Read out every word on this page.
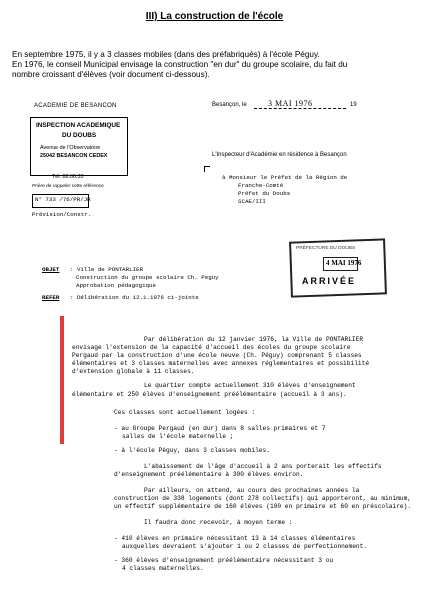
III) La construction de l'école
En septembre 1975, il y a 3 classes mobiles (dans des préfabriqués) à l'école Péguy.
En 1976, le conseil Municipal envisage la construction "en dur" du groupe scolaire, du fait du
nombre croissant d'élèves (voir document ci-dessous).
ACADEMIE DE BESANCON
INSPECTION ACADEMIQUE
DU DOUBS
Avenue de l'Observatoire
25042 BESANCON CEDEX
Tél. 88.06.33
Prière de rappeler cette référence
N° 733 /76/PR/JR
Prévision/Constr.
Besançon, le	3 MAI 1976	19
L'Inspecteur d'Académie en résidence à Besançon
à Monsieur le Préfet de la Région de
Franche-Comté
Préfet du Doubs
SCAE/III
OBJET : Ville de PONTARLIER
Construction du groupe scolaire Ch. Peguy
Approbation pédagogique
REFER : Délibération du 12.1.1976 ci-jointe
PRÉFECTURE DU DOUBS
4 MAI 1976
ARRIVÉE
Par délibération du 12 janvier 1976, la Ville de PONTARLIER
envisage l'extension de la capacité d'accueil des écoles du groupe scolaire
Pergaud par la construction d'une école neuve (Ch. Péguy) comprenant 5 classes
élémentaires et 3 classes maternelles avec annexes réglementaires et possibilité
d'extension globale à 11 classes.
Le quartier compte actuellement 310 élèves d'enseignement
élémentaire et 250 élèves d'enseignement préélémentaire (accueil à 3 ans).
Ces classes sont actuellement logées :
- au Groupe Pergaud (en dur) dans 8 salles primaires et 7
salles de l'école maternelle ;
- à l'école Péguy, dans 3 classes mobiles.
L'abaissement de l'âge d'accueil à 2 ans porterait les effectifs
d'enseignement préélémentaire à 300 élèves environ.
Par ailleurs, on attend, au cours des prochaines années la
construction de 338 logements (dont 278 collectifs) qui apporteront, au minimum,
un effectif supplémentaire de 160 élèves (100 en primaire et 60 en préscolaire).
Il faudra donc recevoir, à moyen terme :
- 410 élèves en primaire nécessitant 13 à 14 classes élémentaires
auxquelles devraient s'ajouter 1 ou 2 classes de perfectionnement.
- 360 élèves d'enseignement préélémentaire nécessitant 3 ou
4 classes maternelles.
